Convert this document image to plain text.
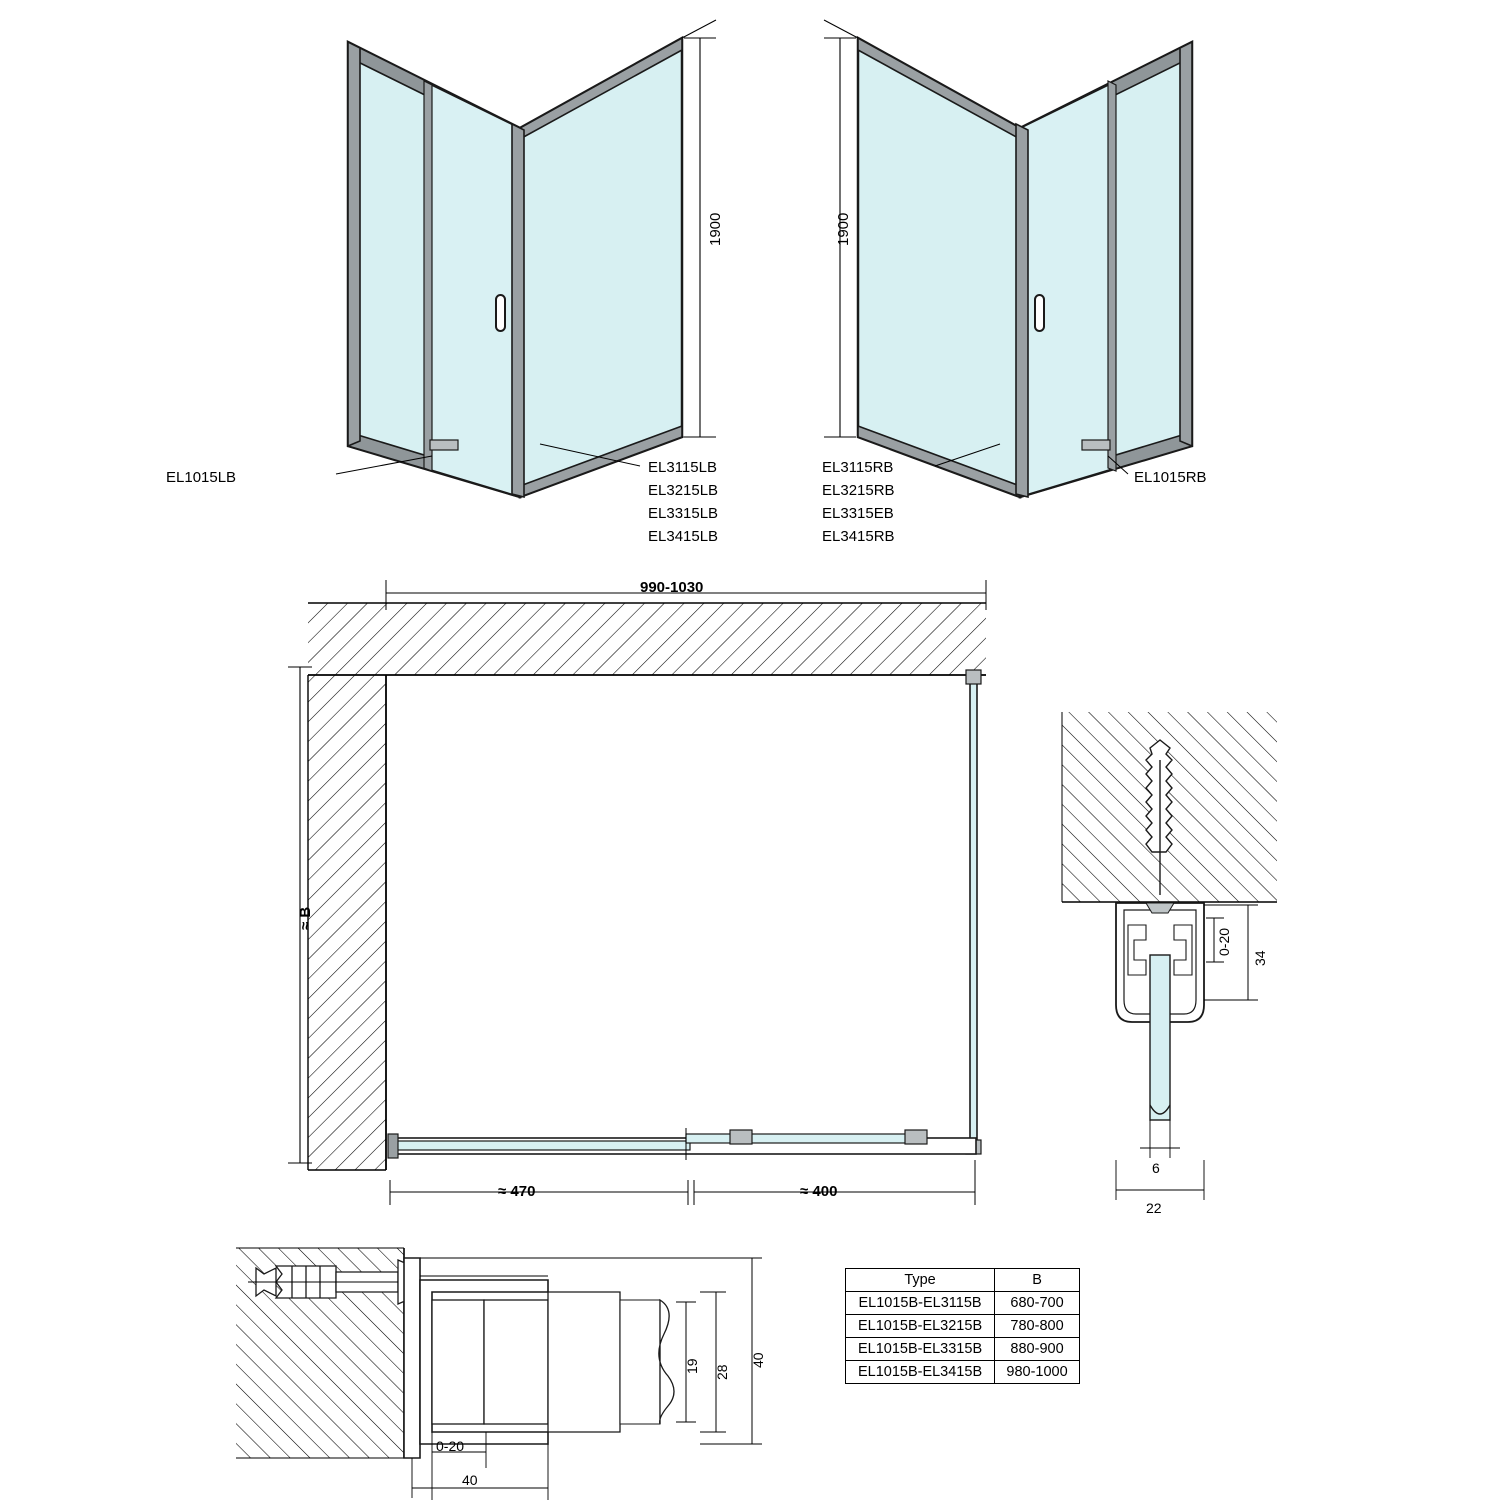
1900	1900
EL1015LB
EL3115LB
EL3215LB
EL3315LB
EL3415LB
EL3115RB
EL3215RB
EL3315EB
EL3415RB
EL1015RB
990-1030
≈ B
≈ 470	≈ 400
0-20
34
6
22
19 28
40
0-20
40
Type	B
EL1015B-EL3115B	680-700
EL1015B-EL3215B	780-800
EL1015B-EL3315B	880-900
EL1015B-EL3415B	980-1000
